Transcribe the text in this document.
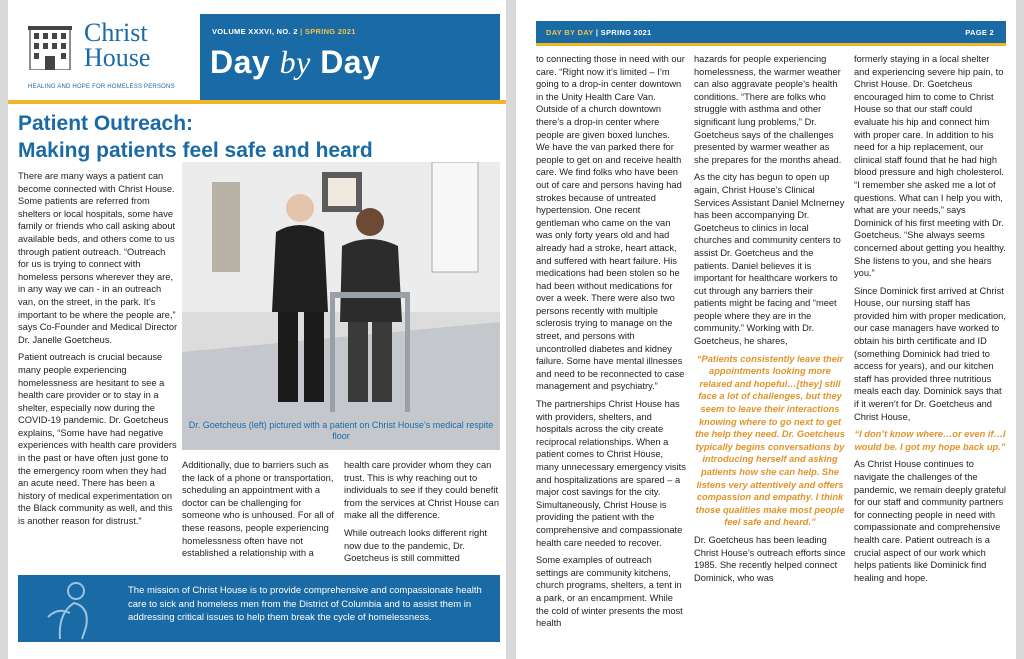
Christ
House
HEALING AND HOPE FOR HOMELESS PERSONS
VOLUME XXXVI, NO. 2 | SPRING 2021
Day by Day
Patient Outreach:
Making patients feel safe and heard

There are many ways a patient can become connected with Christ House. Some patients are referred from shelters or local hospitals, some have family or friends who call asking about available beds, and others come to us through patient outreach. “Outreach for us is trying to connect with homeless persons wherever they are, in any way we can - in an outreach van, on the street, in the park. It’s important to be where the people are,” says Co-Founder and Medical Director Dr. Janelle Goetcheus.

Patient outreach is crucial because many people experiencing homelessness are hesitant to see a health care provider or to stay in a shelter, especially now during the COVID-19 pandemic. Dr. Goetcheus explains, “Some have had negative experiences with health care providers in the past or have often just gone to the emergency room when they had an acute need. There has been a history of medical experimentation on the Black community as well, and this is another reason for distrust.”

Dr. Goetcheus (left) pictured with a patient on Christ House’s medical respite floor

Additionally, due to barriers such as the lack of a phone or transportation, scheduling an appointment with a doctor can be challenging for someone who is unhoused. For all of these reasons, people experiencing homelessness often have not established a relationship with a

health care provider whom they can trust. This is why reaching out to individuals to see if they could benefit from the services at Christ House can make all the difference.

While outreach looks different right now due to the pandemic, Dr. Goetcheus is still committed

The mission of Christ House is to provide comprehensive and compassionate health care to sick and homeless men from the District of Columbia and to assist them in addressing critical issues to help them break the cycle of homelessness.
DAY BY DAY | SPRING 2021	PAGE 2

to connecting those in need with our care. “Right now it’s limited – I’m going to a drop-in center downtown in the Unity Health Care Van. Outside of a church downtown there’s a drop-in center where people are given boxed lunches. We have the van parked there for people to get on and receive health care. We find folks who have been out of care and persons having had strokes because of untreated hypertension. One recent gentleman who came on the van was only forty years old and had already had a stroke, heart attack, and suffered with heart failure. His medications had been stolen so he had been without medications for over a week. There were also two persons recently with multiple sclerosis trying to manage on the street, and persons with uncontrolled diabetes and kidney failure. Some have mental illnesses and need to be reconnected to case management and psychiatry.”

The partnerships Christ House has with providers, shelters, and hospitals across the city create reciprocal relationships. When a patient comes to Christ House, many unnecessary emergency visits and hospitalizations are spared – a major cost savings for the city. Simultaneously, Christ House is providing the patient with the comprehensive and compassionate health care needed to recover.

Some examples of outreach settings are community kitchens, church programs, shelters, a tent in a park, or an encampment. While the cold of winter presents the most health

hazards for people experiencing homelessness, the warmer weather can also aggravate people’s health conditions. “There are folks who struggle with asthma and other significant lung problems,” Dr. Goetcheus says of the challenges presented by warmer weather as she prepares for the months ahead.

As the city has begun to open up again, Christ House’s Clinical Services Assistant Daniel McInerney has been accompanying Dr. Goetcheus to clinics in local churches and community centers to assist Dr. Goetcheus and the patients. Daniel believes it is important for healthcare workers to cut through any barriers their patients might be facing and “meet people where they are in the community.” Working with Dr. Goetcheus, he shares,

“Patients consistently leave their appointments looking more relaxed and hopeful…[they] still face a lot of challenges, but they seem to leave their interactions knowing where to go next to get the help they need. Dr. Goetcheus typically begins conversations by introducing herself and asking patients how she can help. She listens very attentively and offers compassion and empathy. I think those qualities make most people feel safe and heard.”

Dr. Goetcheus has been leading Christ House’s outreach efforts since 1985. She recently helped connect Dominick, who was

formerly staying in a local shelter and experiencing severe hip pain, to Christ House. Dr. Goetcheus encouraged him to come to Christ House so that our staff could evaluate his hip and connect him with proper care. In addition to his need for a hip replacement, our clinical staff found that he had high blood pressure and high cholesterol. “I remember she asked me a lot of questions. What can I help you with, what are your needs,” says Dominick of his first meeting with Dr. Goetcheus. “She always seems concerned about getting you healthy. She listens to you, and she hears you.”

Since Dominick first arrived at Christ House, our nursing staff has provided him with proper medication, our case managers have worked to obtain his birth certificate and ID (something Dominick had tried to access for years), and our kitchen staff has provided three nutritious meals each day. Dominick says that if it weren’t for Dr. Goetcheus and Christ House,

“I don’t know where…or even if…I would be. I got my hope back up.”

As Christ House continues to navigate the challenges of the pandemic, we remain deeply grateful for our staff and community partners for connecting people in need with compassionate and comprehensive health care. Patient outreach is a crucial aspect of our work which helps patients like Dominick find healing and hope.
